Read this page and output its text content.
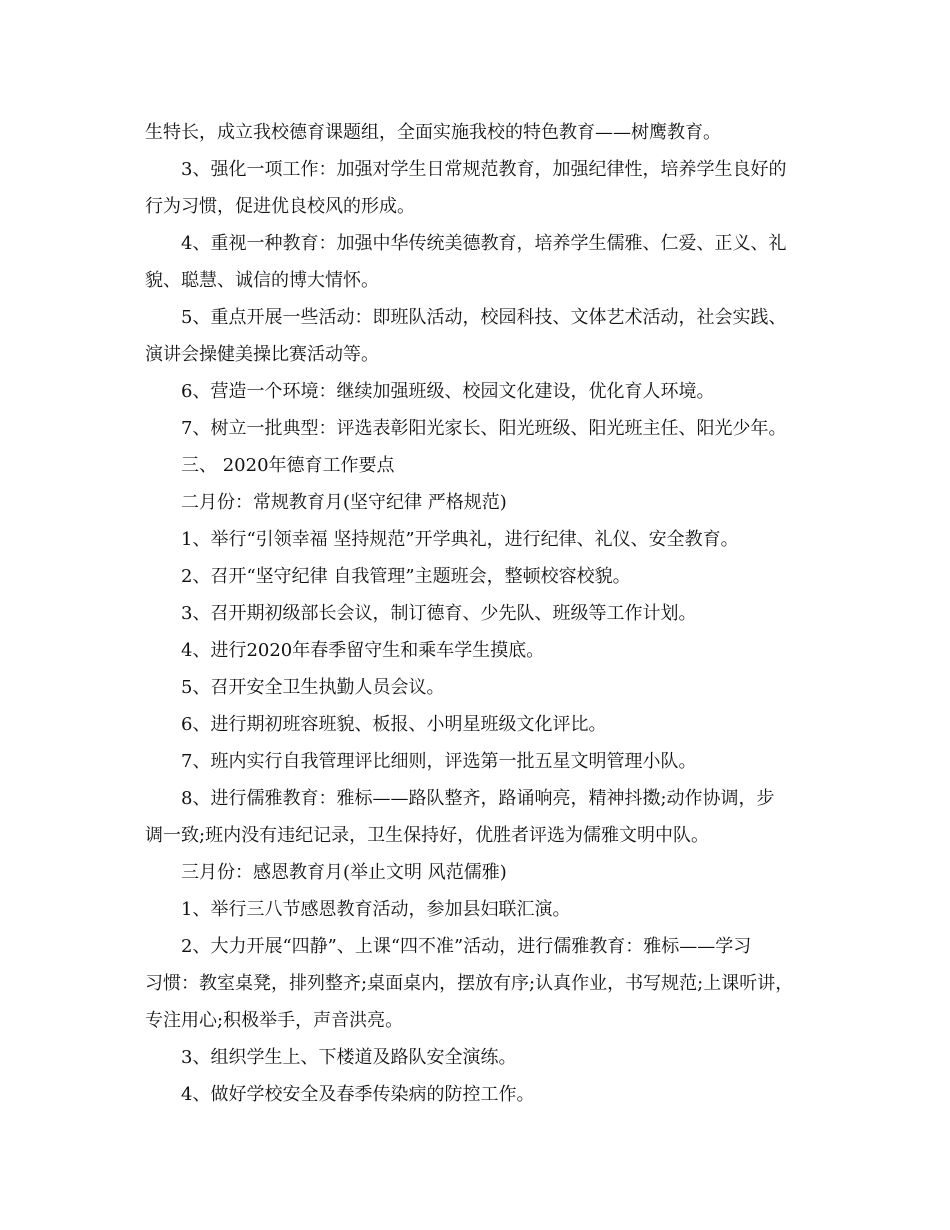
生特长，成立我校德育课题组，全面实施我校的特色教育——树鹰教育。

3、强化一项工作：加强对学生日常规范教育，加强纪律性，培养学生良好的

行为习惯，促进优良校风的形成。

4、重视一种教育：加强中华传统美德教育，培养学生儒雅、仁爱、正义、礼

貌、聪慧、诚信的博大情怀。

5、重点开展一些活动：即班队活动，校园科技、文体艺术活动，社会实践、

演讲会操健美操比赛活动等。

6、营造一个环境：继续加强班级、校园文化建设，优化育人环境。

7、树立一批典型：评选表彰阳光家长、阳光班级、阳光班主任、阳光少年。

三、 2020年德育工作要点

二月份：常规教育月(坚守纪律 严格规范)

1、举行“引领幸福 坚持规范”开学典礼，进行纪律、礼仪、安全教育。

2、召开“坚守纪律 自我管理”主题班会，整顿校容校貌。

3、召开期初级部长会议，制订德育、少先队、班级等工作计划。

4、进行2020年春季留守生和乘车学生摸底。

5、召开安全卫生执勤人员会议。

6、进行期初班容班貌、板报、小明星班级文化评比。

7、班内实行自我管理评比细则，评选第一批五星文明管理小队。

8、进行儒雅教育：雅标——路队整齐，路诵响亮，精神抖擞;动作协调，步

调一致;班内没有违纪记录，卫生保持好，优胜者评选为儒雅文明中队。

三月份：感恩教育月(举止文明 风范儒雅)

1、举行三八节感恩教育活动，参加县妇联汇演。

2、大力开展“四静”、上课“四不准”活动，进行儒雅教育：雅标——学习

习惯：教室桌凳，排列整齐;桌面桌内，摆放有序;认真作业，书写规范;上课听讲，

专注用心;积极举手，声音洪亮。

3、组织学生上、下楼道及路队安全演练。

4、做好学校安全及春季传染病的防控工作。
